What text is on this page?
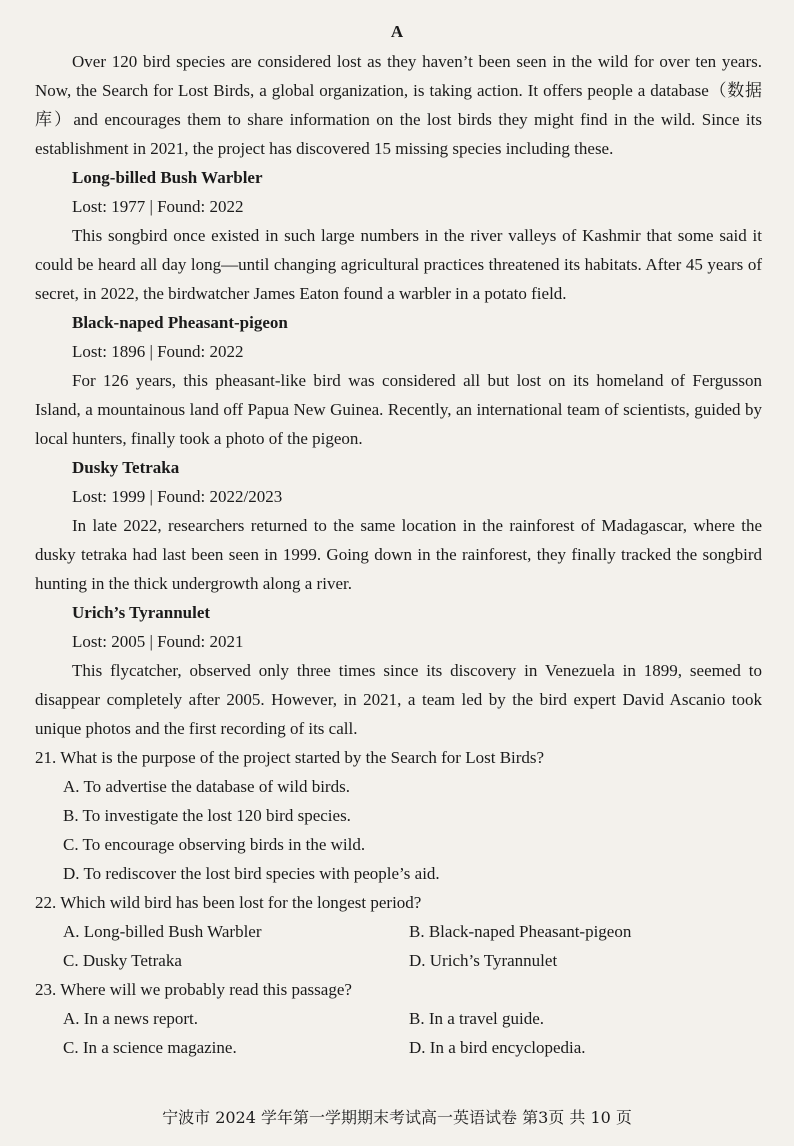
A

Over 120 bird species are considered lost as they haven’t been seen in the wild for over ten years. Now, the Search for Lost Birds, a global organization, is taking action. It offers people a database（数据库）and encourages them to share information on the lost birds they might find in the wild. Since its establishment in 2021, the project has discovered 15 missing species including these.

Long-billed Bush Warbler

Lost: 1977 | Found: 2022

This songbird once existed in such large numbers in the river valleys of Kashmir that some said it could be heard all day long—until changing agricultural practices threatened its habitats. After 45 years of secret, in 2022, the birdwatcher James Eaton found a warbler in a potato field.

Black-naped Pheasant-pigeon

Lost: 1896 | Found: 2022

For 126 years, this pheasant-like bird was considered all but lost on its homeland of Fergusson Island, a mountainous land off Papua New Guinea. Recently, an international team of scientists, guided by local hunters, finally took a photo of the pigeon.

Dusky Tetraka

Lost: 1999 | Found: 2022/2023

In late 2022, researchers returned to the same location in the rainforest of Madagascar, where the dusky tetraka had last been seen in 1999. Going down in the rainforest, they finally tracked the songbird hunting in the thick undergrowth along a river.

Urich’s Tyrannulet

Lost: 2005 | Found: 2021

This flycatcher, observed only three times since its discovery in Venezuela in 1899, seemed to disappear completely after 2005. However, in 2021, a team led by the bird expert David Ascanio took unique photos and the first recording of its call.

21. What is the purpose of the project started by the Search for Lost Birds?

A. To advertise the database of wild birds.

B. To investigate the lost 120 bird species.

C. To encourage observing birds in the wild.

D. To rediscover the lost bird species with people’s aid.

22. Which wild bird has been lost for the longest period?

A. Long-billed Bush Warbler	B. Black-naped Pheasant-pigeon

C. Dusky Tetraka	D. Urich’s Tyrannulet

23. Where will we probably read this passage?

A. In a news report.	B. In a travel guide.

C. In a science magazine.	D. In a bird encyclopedia.

宁波市 2024 学年第一学期期末考试高一英语试卷 第3页 共 10 页
